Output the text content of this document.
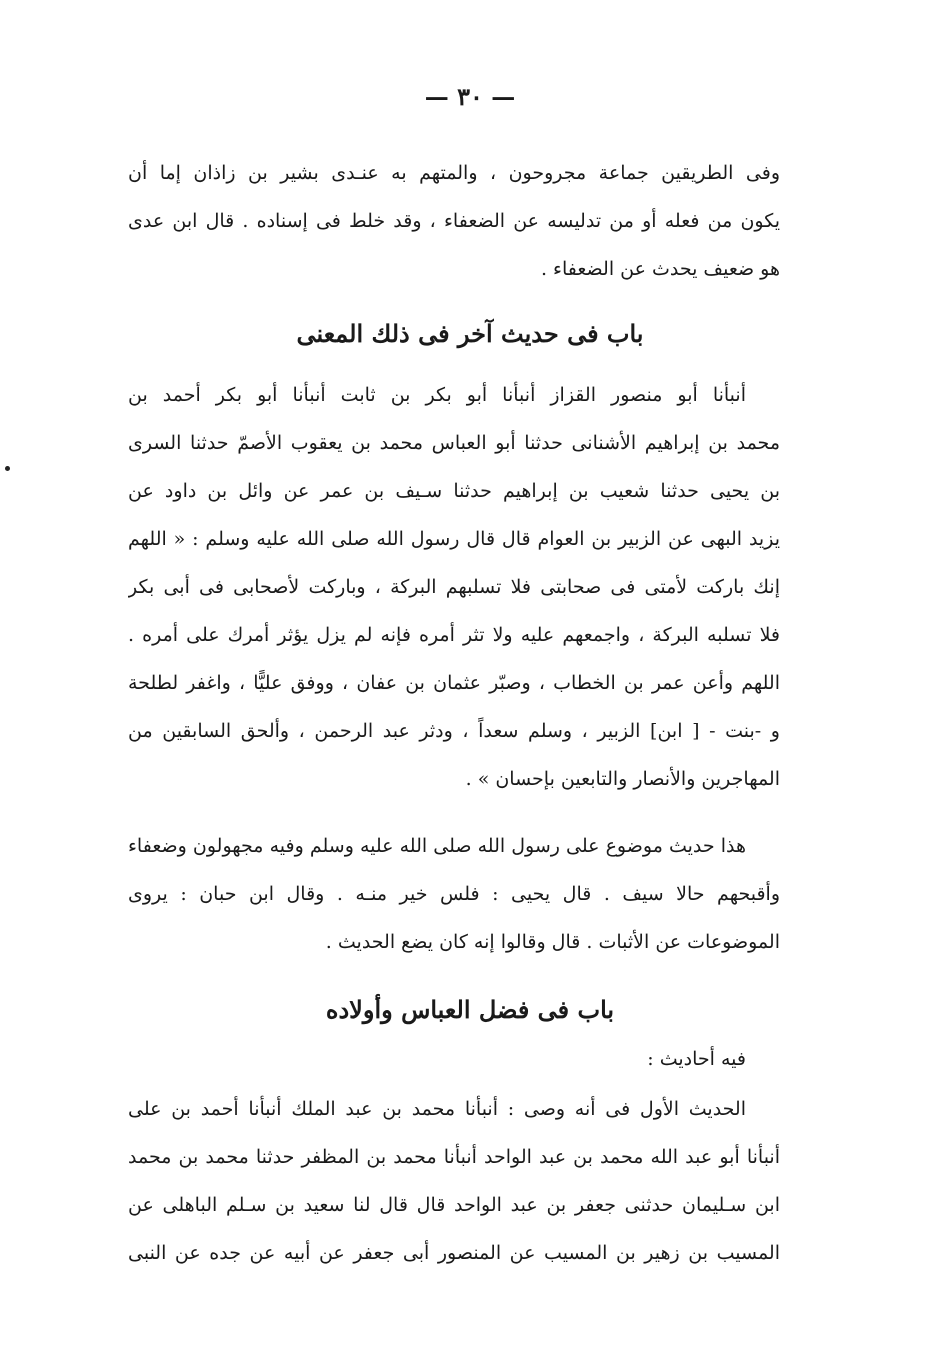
— ٣٠ —
وفى الطريقين جماعة مجروحون ، والمتهم به عنـدى بشير بن زاذان إما أن
يكون من فعله أو من تدليسه عن الضعفاء ، وقد خلط فى إسناده . قال ابن عدى
هو ضعيف يحدث عن الضعفاء .
باب فى حديث آخر فى ذلك المعنى
أنبأنا أبو منصور القزاز أنبأنا أبو بكر بن ثابت أنبأنا أبو بكر أحمد بن
محمد بن إبراهيم الأشنانى حدثنا أبو العباس محمد بن يعقوب الأصمّ حدثنا السرى
بن يحيى حدثنا شعيب بن إبراهيم حدثنا سـيف بن عمر عن وائل بن داود عن
يزيد البهى عن الزبير بن العوام قال قال رسول الله صلى الله عليه وسلم : « اللهم
إنك باركت لأمتى فى صحابتى فلا تسلبهم البركة ، وباركت لأصحابى فى أبى بكر
فلا تسلبه البركة ، واجمعهم عليه ولا تثر أمره فإنه لم يزل يؤثر أمرك على أمره .
اللهم وأعن عمر بن الخطاب ، وصبّر عثمان بن عفان ، ووفق عليًّا ، واغفر لطلحة
و -بنت - [ ابن] الزبير ، وسلم سعداً ، ودثر عبد الرحمن ، وألحق السابقين من
المهاجرين والأنصار والتابعين بإحسان » .
هذا حديث موضوع على رسول الله صلى الله عليه وسلم وفيه مجهولون وضعفاء
وأقبحهم حالا سيف . قال يحيى : فلس خير منـه . وقال ابن حبان : يروى
الموضوعات عن الأثبات . قال وقالوا إنه كان يضع الحديث .
باب فى فضل العباس وأولاده
فيه أحاديث :
الحديث الأول فى أنه وصى : أنبأنا محمد بن عبد الملك أنبأنا أحمد بن على
أنبأنا أبو عبد الله محمد بن عبد الواحد أنبأنا محمد بن المظفر حدثنا محمد بن محمد
ابن سـليمان حدثنى جعفر بن عبد الواحد قال قال لنا سعيد بن سـلم الباهلى عن
المسيب بن زهير بن المسيب عن المنصور أبى جعفر عن أبيه عن جده عن النبى
